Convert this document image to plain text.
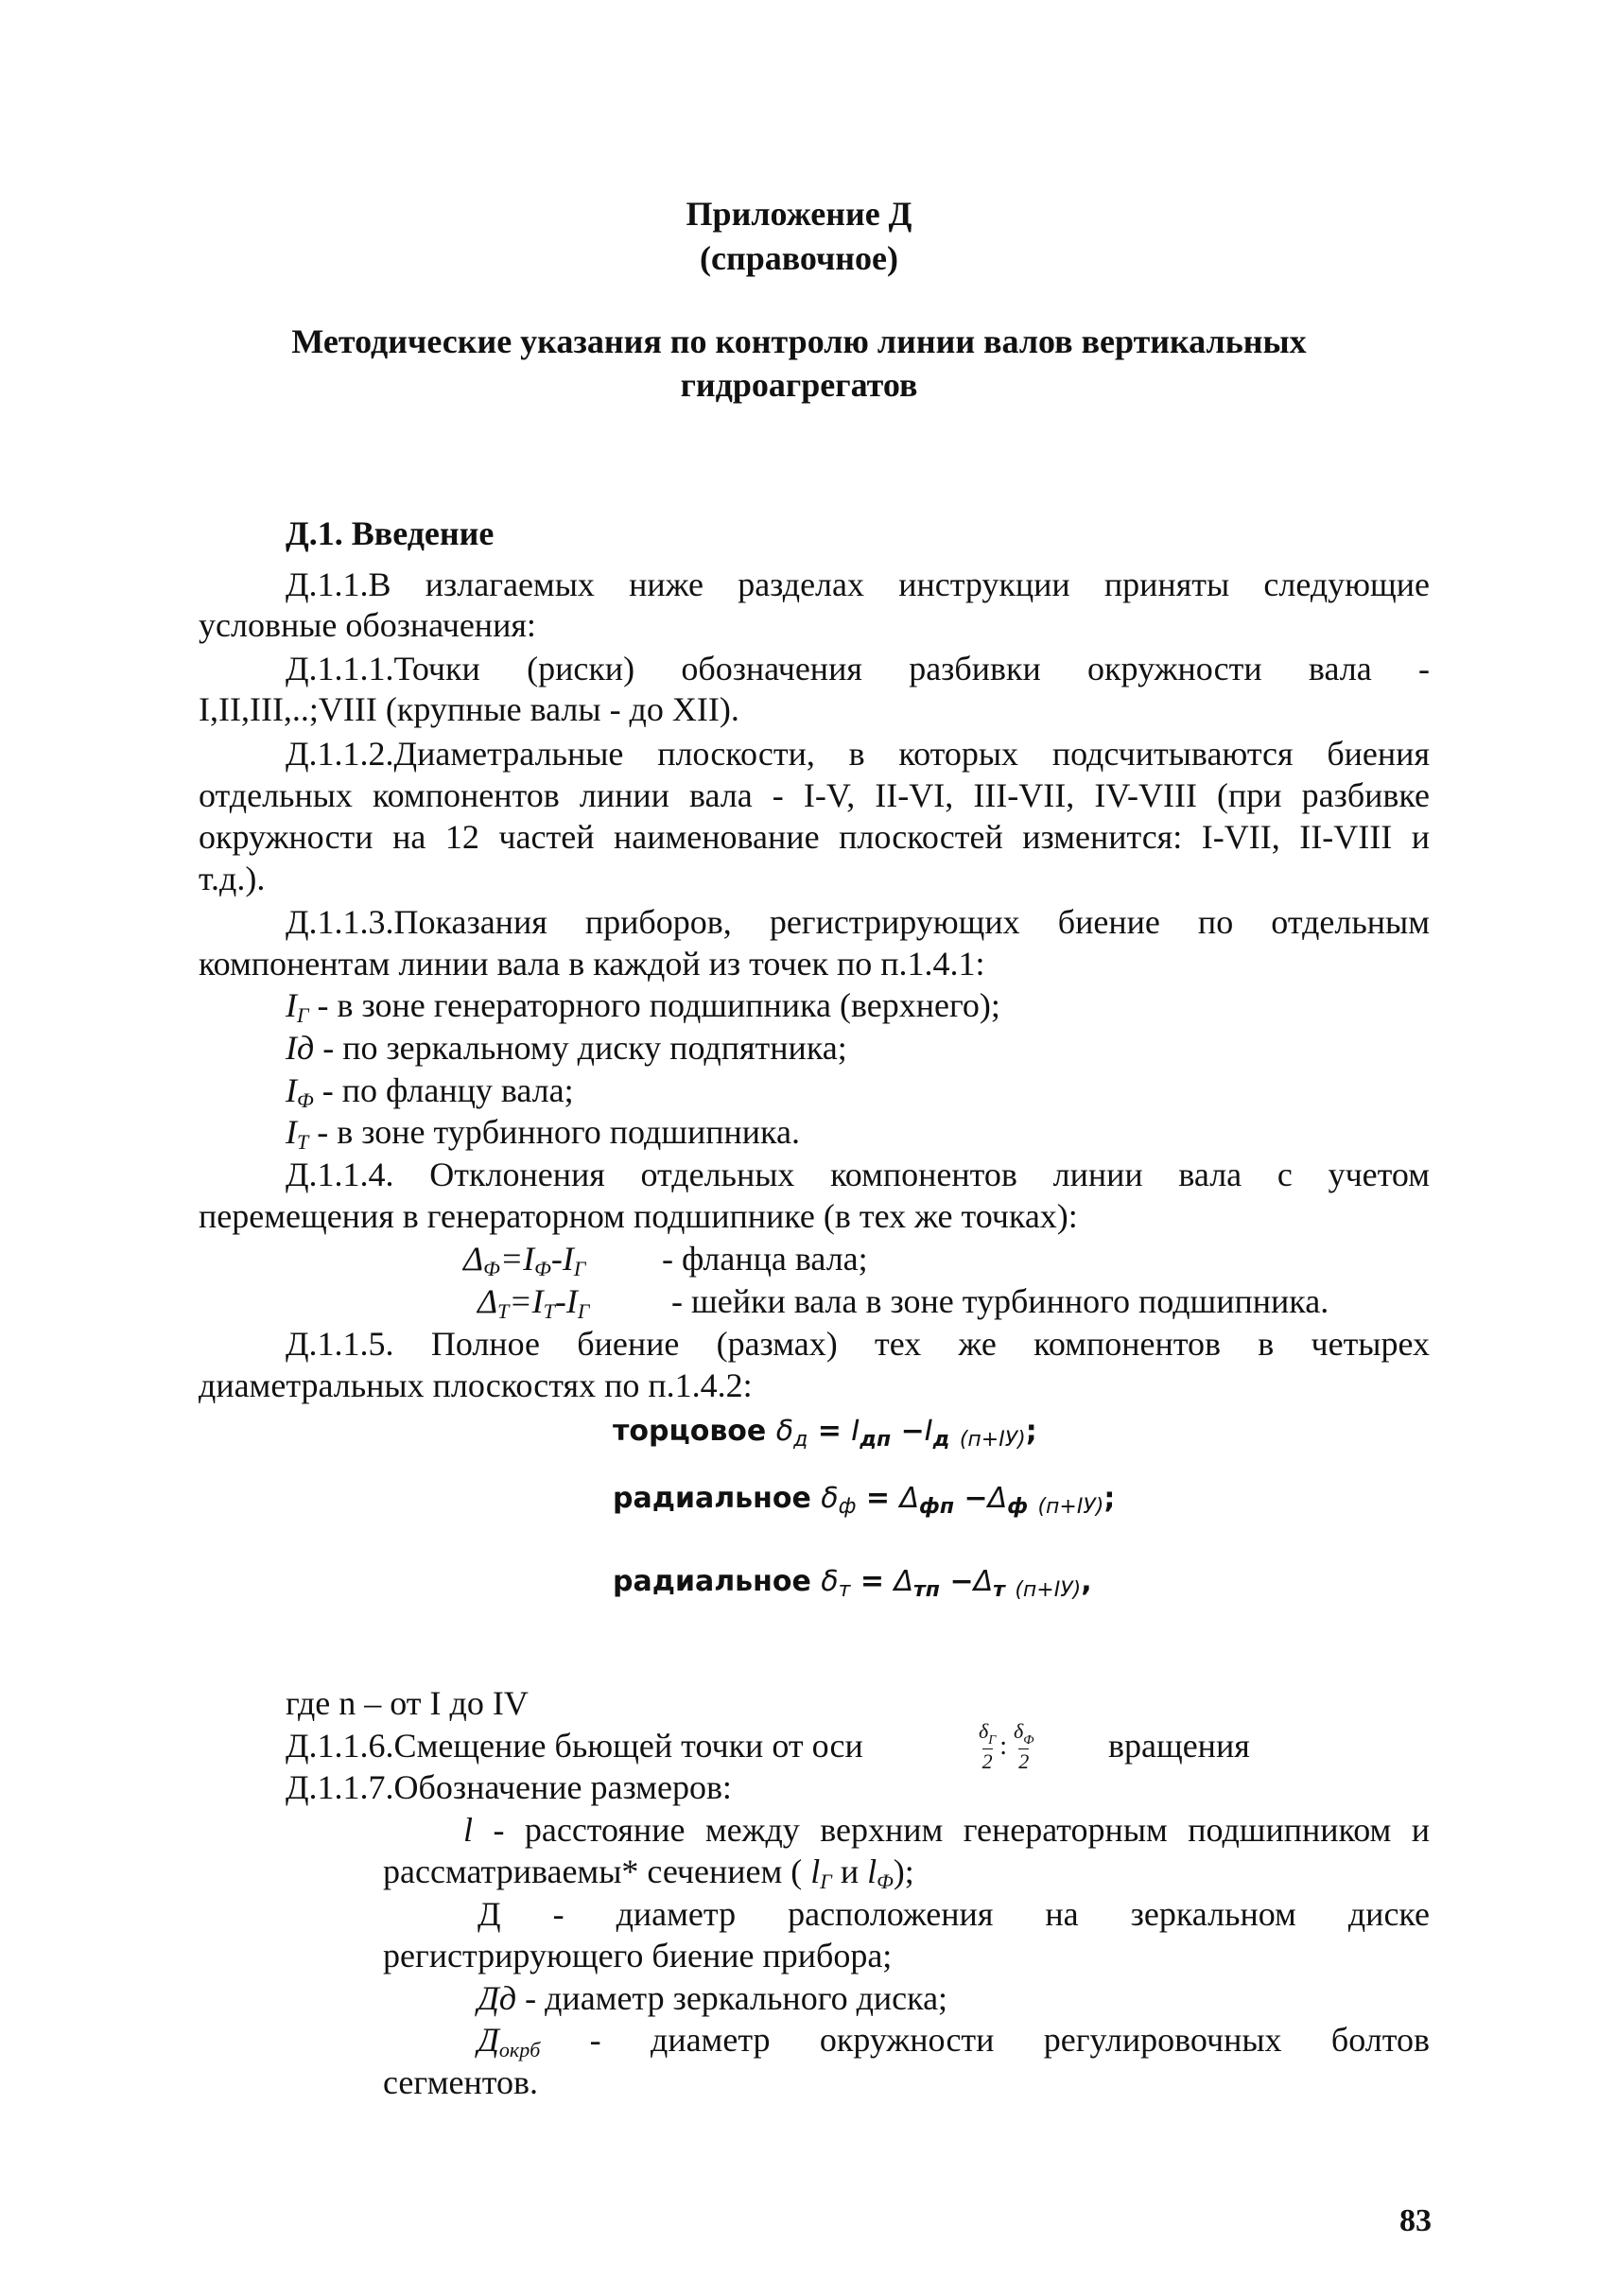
Приложение Д
(справочное)
Методические указания по контролю линии валов вертикальных
гидроагрегатов
Д.1. Введение
Д.1.1.В излагаемых ниже разделах инструкции приняты следующие
условные обозначения:
Д.1.1.1.Точки (риски) обозначения разбивки окружности вала -
I,II,III,..;VIII (крупные валы - до XII).
Д.1.1.2.Диаметральные плоскости, в которых подсчитываются биения
отдельных компонентов линии вала - I-V, II-VI, III-VII, IV-VIII (при разбивке
окружности на 12 частей наименование плоскостей изменится: I-VII, II-VIII и
т.д.).
Д.1.1.3.Показания приборов, регистрирующих биение по отдельным
компонентам линии вала в каждой из точек по п.1.4.1:
$I_Г$ - в зоне генераторного подшипника (верхнего);
Iд - по зеркальному диску подпятника;
$I_Ф$ - по фланцу вала;
$I_Т$ - в зоне турбинного подшипника.
Д.1.1.4. Отклонения отдельных компонентов линии вала с учетом
перемещения в генераторном подшипнике (в тех же точках):
$\Delta_Ф=I_Ф-I_Г$ - фланца вала;
$\Delta_Т=I_Т-I_Г$ - шейки вала в зоне турбинного подшипника.
Д.1.1.5. Полное биение (размах) тех же компонентов в четырех
диаметральных плоскостях по п.1.4.2:
торцовое $\delta_д = I_{дп} -I_д$ $_{(п+IУ)}$;
радиальное $\delta_ф = \Delta_{фп} -\Delta_ф$ $_{(п+IУ)}$;
радиальное $\delta_т = \Delta_{тп} -\Delta_т$ $_{(п+IУ)}$,
где n – от I до IV
Д.1.1.6.Смещение бьющей точки от оси	$\frac{\delta_Г}{2}$ : $\frac{\delta_Ф}{2}$ вращения
Д.1.1.7.Обозначение размеров:
l - расстояние между верхним генераторным подшипником и
рассматриваемы* сечением ( $l_Г$ и $l_Ф$);
Д - диаметр расположения на зеркальном диске
регистрирующего биение прибора;
Дд - диаметр зеркального диска;
$Д_{окрб}$ - диаметр окружности регулировочных болтов
сегментов.
83
